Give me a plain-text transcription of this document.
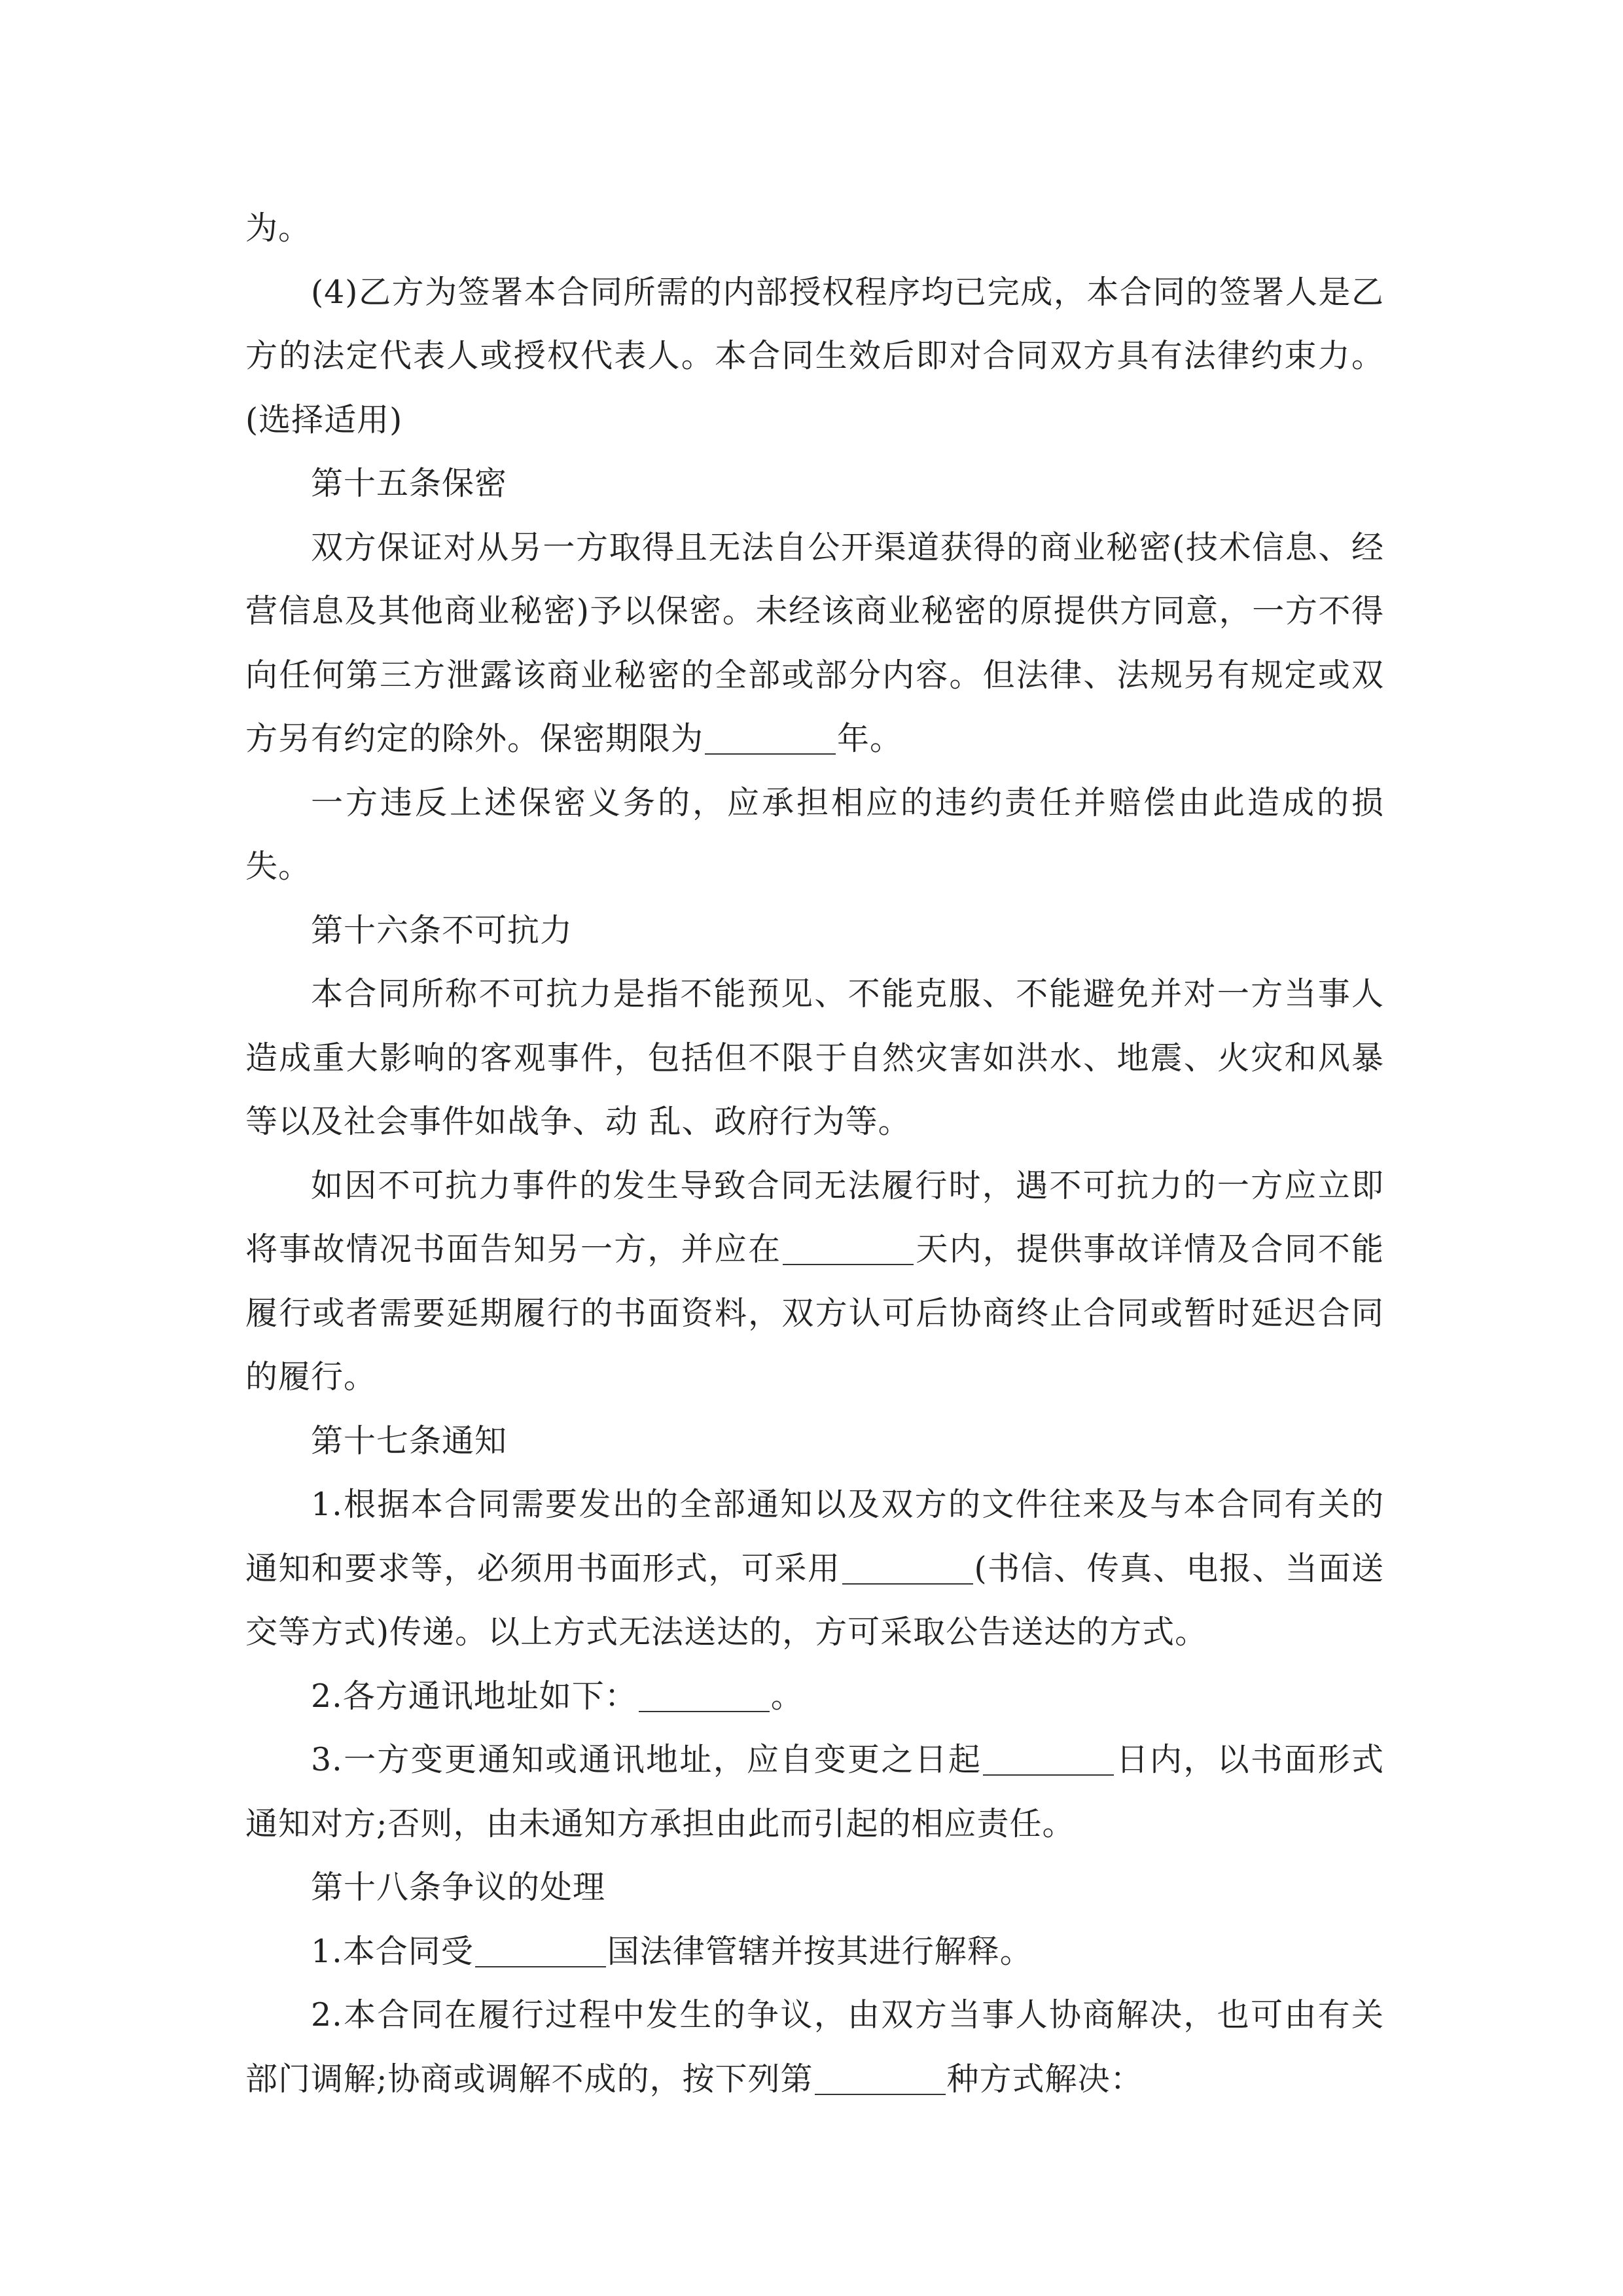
为。

(4)乙方为签署本合同所需的内部授权程序均已完成，本合同的签署人是乙方的法定代表人或授权代表人。本合同生效后即对合同双方具有法律约束力。(选择适用)

第十五条保密

双方保证对从另一方取得且无法自公开渠道获得的商业秘密(技术信息、经营信息及其他商业秘密)予以保密。未经该商业秘密的原提供方同意，一方不得向任何第三方泄露该商业秘密的全部或部分内容。但法律、法规另有规定或双方另有约定的除外。保密期限为	年。

一方违反上述保密义务的，应承担相应的违约责任并赔偿由此造成的损失。

第十六条不可抗力

本合同所称不可抗力是指不能预见、不能克服、不能避免并对一方当事人造成重大影响的客观事件，包括但不限于自然灾害如洪水、地震、火灾和风暴等以及社会事件如战争、动 乱、政府行为等。

如因不可抗力事件的发生导致合同无法履行时，遇不可抗力的一方应立即将事故情况书面告知另一方，并应在	天内，提供事故详情及合同不能履行或者需要延期履行的书面资料，双方认可后协商终止合同或暂时延迟合同的履行。

第十七条通知

1.根据本合同需要发出的全部通知以及双方的文件往来及与本合同有关的通知和要求等，必须用书面形式，可采用	(书信、传真、电报、当面送交等方式)传递。以上方式无法送达的，方可采取公告送达的方式。

2.各方通讯地址如下：	。

3.一方变更通知或通讯地址，应自变更之日起	日内，以书面形式通知对方;否则，由未通知方承担由此而引起的相应责任。

第十八条争议的处理

1.本合同受	国法律管辖并按其进行解释。

2.本合同在履行过程中发生的争议，由双方当事人协商解决，也可由有关部门调解;协商或调解不成的，按下列第	种方式解决：
